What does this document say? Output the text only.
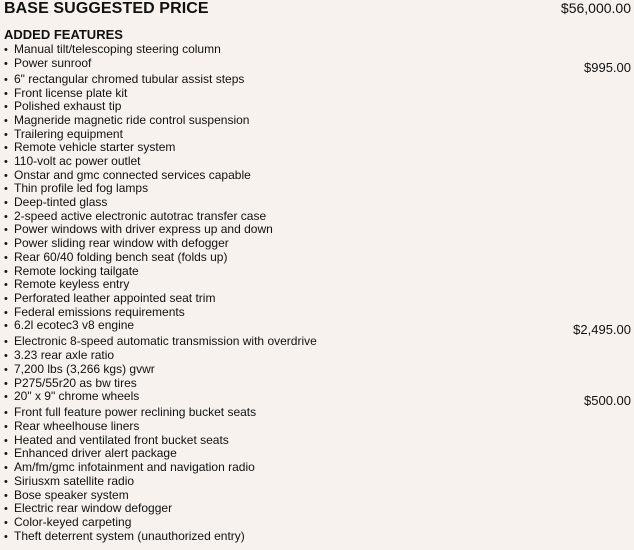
BASE SUGGESTED PRICE	$56,000.00
ADDED FEATURES
• Manual tilt/telescoping steering column
• Power sunroof	$995.00
• 6" rectangular chromed tubular assist steps
• Front license plate kit
• Polished exhaust tip
• Magneride magnetic ride control suspension
• Trailering equipment
• Remote vehicle starter system
• 110-volt ac power outlet
• Onstar and gmc connected services capable
• Thin profile led fog lamps
• Deep-tinted glass
• 2-speed active electronic autotrac transfer case
• Power windows with driver express up and down
• Power sliding rear window with defogger
• Rear 60/40 folding bench seat (folds up)
• Remote locking tailgate
• Remote keyless entry
• Perforated leather appointed seat trim
• Federal emissions requirements
• 6.2l ecotec3 v8 engine	$2,495.00
• Electronic 8-speed automatic transmission with overdrive
• 3.23 rear axle ratio
• 7,200 lbs (3,266 kgs) gvwr
• P275/55r20 as bw tires
• 20" x 9" chrome wheels	$500.00
• Front full feature power reclining bucket seats
• Rear wheelhouse liners
• Heated and ventilated front bucket seats
• Enhanced driver alert package
• Am/fm/gmc infotainment and navigation radio
• Siriusxm satellite radio
• Bose speaker system
• Electric rear window defogger
• Color-keyed carpeting
• Theft deterrent system (unauthorized entry)
